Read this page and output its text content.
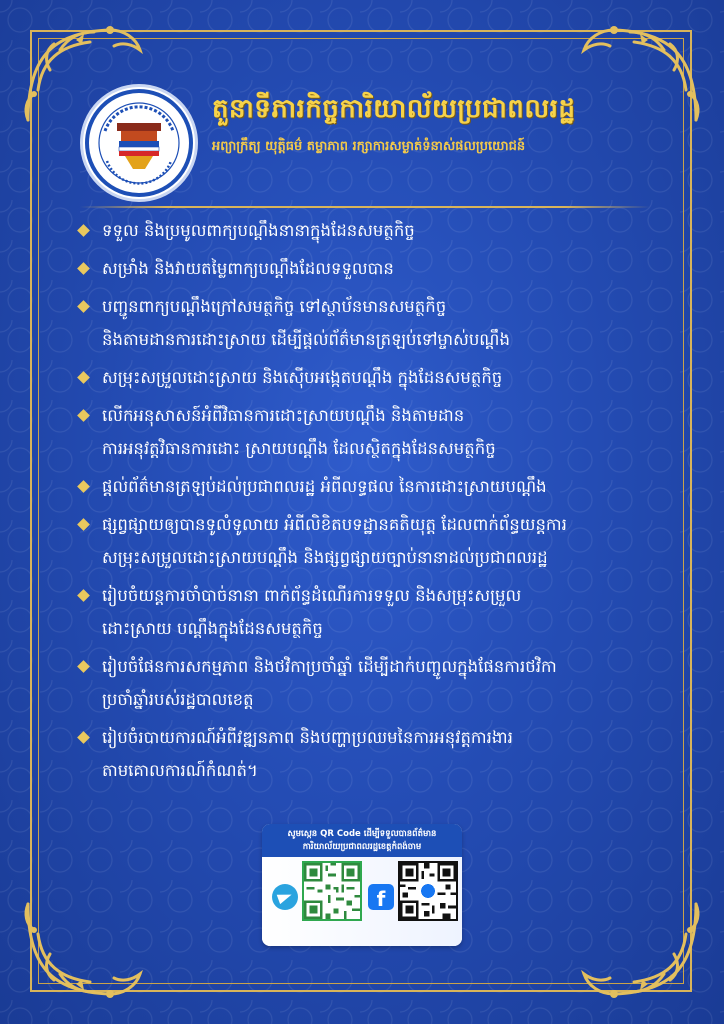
តួនាទីភារកិច្ចការិយាល័យប្រជាពលរដ្ឋ
អព្យាក្រឹត្យ យុត្តិធម៌ តម្លាភាព រក្សាការសម្ងាត់ទំនាស់ផលប្រយោជន៍
ទទួល និងប្រមូលពាក្យបណ្ដឹងនានាក្នុងដែនសមត្ថកិច្ច
សម្រាំង និងវាយតម្លៃពាក្យបណ្ដឹងដែលទទួលបាន
បញ្ជូនពាក្យបណ្ដឹងក្រៅសមត្ថកិច្ច ទៅស្ថាប័នមានសមត្ថកិច្ច
និងតាមដានការដោះស្រាយ ដើម្បីផ្ដល់ព័ត៌មានត្រឡប់ទៅម្ចាស់បណ្ដឹង
សម្រុះសម្រួលដោះស្រាយ និងស៊ើបអង្កេតបណ្ដឹង ក្នុងដែនសមត្ថកិច្ច
លើកអនុសាសន៍អំពីវិធានការដោះស្រាយបណ្ដឹង និងតាមដាន
ការអនុវត្តវិធានការដោះ ស្រាយបណ្ដឹង ដែលស្ថិតក្នុងដែនសមត្ថកិច្ច
ផ្ដល់ព័ត៌មានត្រឡប់ដល់ប្រជាពលរដ្ឋ អំពីលទ្ធផល នៃការដោះស្រាយបណ្ដឹង
ផ្សព្វផ្សាយឲ្យបានទូលំទូលាយ អំពីលិខិតបទដ្ឋានគតិយុត្ត ដែលពាក់ព័ន្ធយន្តការ
សម្រុះសម្រួលដោះស្រាយបណ្ដឹង និងផ្សព្វផ្សាយច្បាប់នានាដល់ប្រជាពលរដ្ឋ
រៀបចំយន្តការចាំបាច់នានា ពាក់ព័ន្ធដំណើរការទទួល និងសម្រុះសម្រួល
ដោះស្រាយ បណ្ដឹងក្នុងដែនសមត្ថកិច្ច
រៀបចំផែនការសកម្មភាព និងថវិកាប្រចាំឆ្នាំ ដើម្បីដាក់បញ្ចូលក្នុងផែនការថវិកា
ប្រចាំឆ្នាំរបស់រដ្ឋបាលខេត្ត
រៀបចំរបាយការណ៍អំពីវឌ្ឍនភាព និងបញ្ហាប្រឈមនៃការអនុវត្តការងារ
តាមគោលការណ៍កំណត់។
សូមស្កេន QR Code ដើម្បីទទួលបានព័ត៌មាន
ការិយាល័យប្រជាពលរដ្ឋខេត្តកំពង់ចាម
f
